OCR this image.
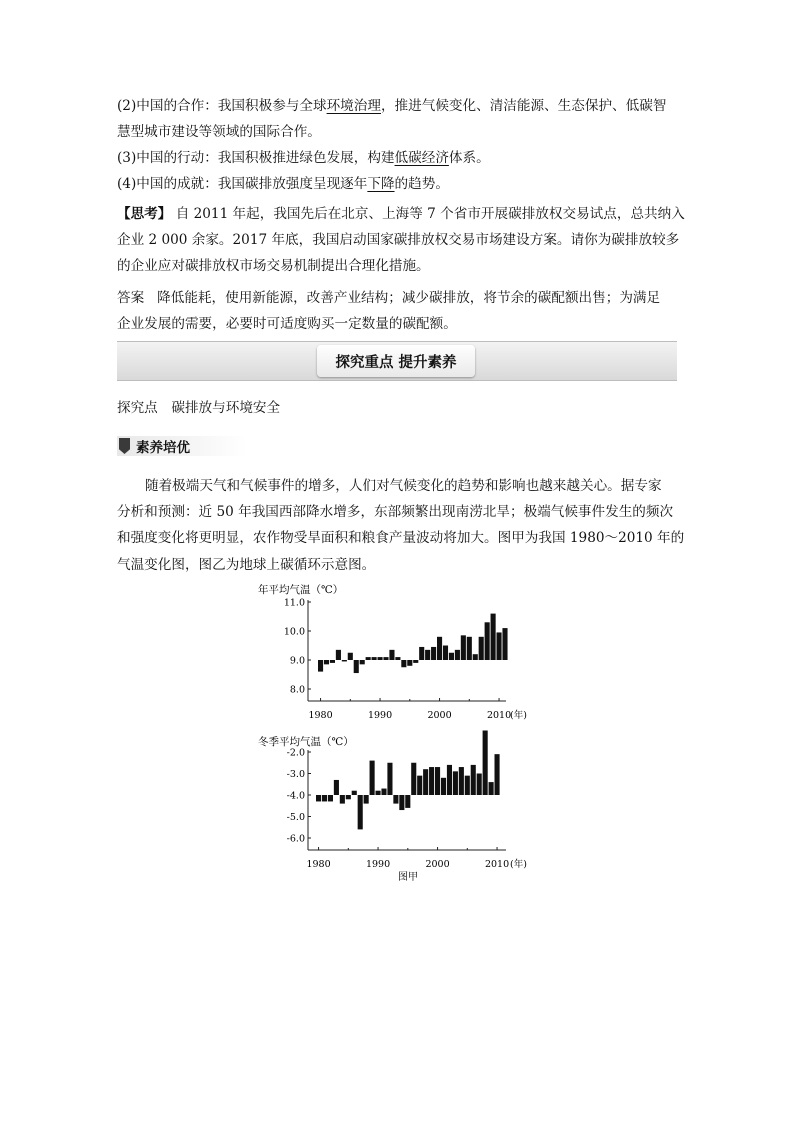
(2)中国的合作：我国积极参与全球环境治理，推进气候变化、清洁能源、生态保护、低碳智
慧型城市建设等领域的国际合作。
(3)中国的行动：我国积极推进绿色发展，构建低碳经济体系。
(4)中国的成就：我国碳排放强度呈现逐年下降的趋势。
【思考】 自 2011 年起，我国先后在北京、上海等 7 个省市开展碳排放权交易试点，总共纳入
企业 2 000 余家。2017 年底，我国启动国家碳排放权交易市场建设方案。请你为碳排放较多
的企业应对碳排放权市场交易机制提出合理化措施。
答案 降低能耗，使用新能源，改善产业结构；减少碳排放，将节余的碳配额出售；为满足
企业发展的需要，必要时可适度购买一定数量的碳配额。
探究重点 提升素养
探究点　碳排放与环境安全
素养培优
随着极端天气和气候事件的增多，人们对气候变化的趋势和影响也越来越关心。据专家
分析和预测：近 50 年我国西部降水增多，东部频繁出现南涝北旱；极端气候事件发生的频次
和强度变化将更明显，农作物受旱面积和粮食产量波动将加大。图甲为我国 1980～2010 年的
气温变化图，图乙为地球上碳循环示意图。
年平均气温（℃）
11.0
10.0
9.0
8.0
1980	1990	2000	2010
(年)
冬季平均气温（℃）
-2.0
-3.0
-4.0
-5.0
-6.0
1980	1990	2000	2010 (年)
图甲
